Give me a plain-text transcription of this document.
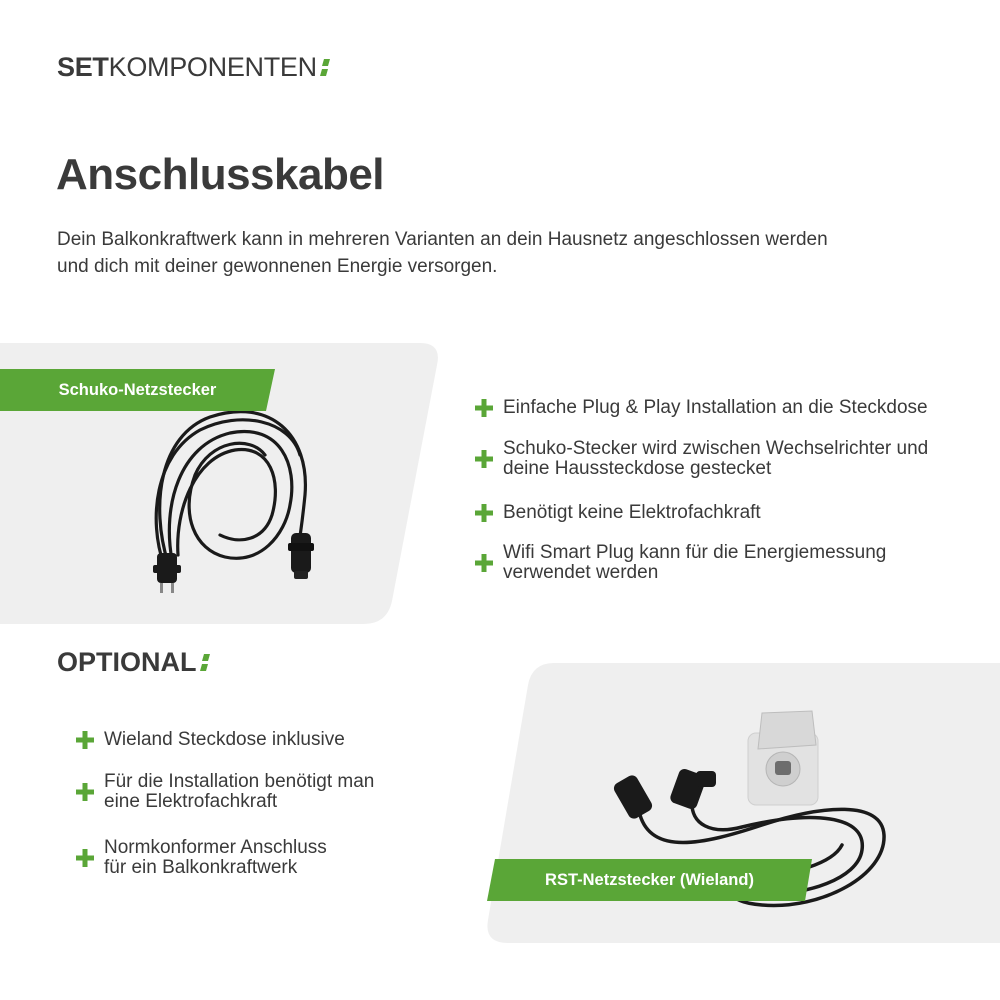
SETKOMPONENTEN
Anschlusskabel
Dein Balkonkraftwerk kann in mehreren Varianten an dein Hausnetz angeschlossen werden
und dich mit deiner gewonnenen Energie versorgen.
Schuko-Netzstecker
Einfache Plug & Play Installation an die Steckdose
Schuko-Stecker wird zwischen Wechselrichter und
deine Haussteckdose gestecket
Benötigt keine Elektrofachkraft
Wifi Smart Plug kann für die Energiemessung
verwendet werden
OPTIONAL
Wieland Steckdose inklusive
Für die Installation benötigt man
eine Elektrofachkraft
Normkonformer Anschluss
für ein Balkonkraftwerk
RST-Netzstecker (Wieland)
